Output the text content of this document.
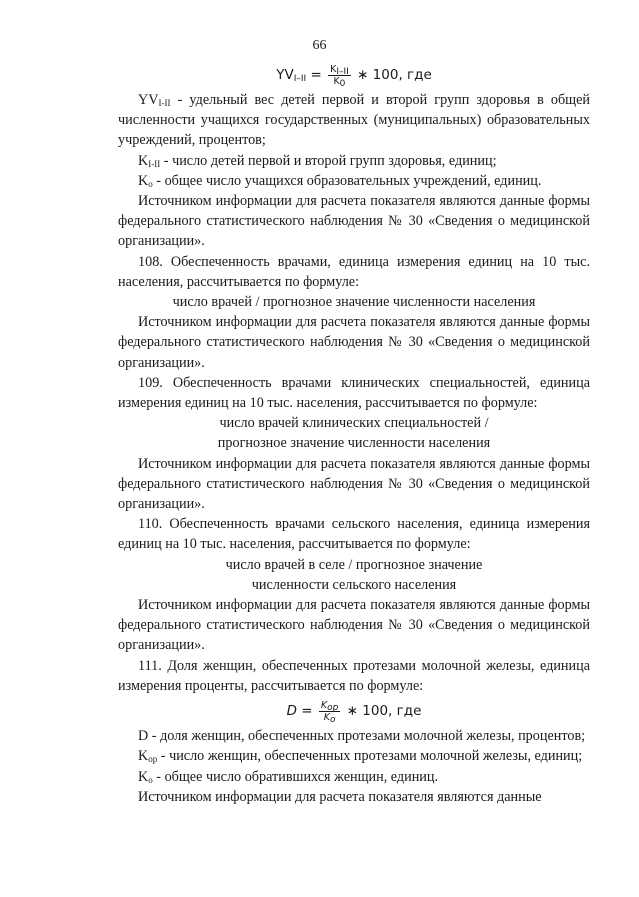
66
$YV_{I-II} = \frac{K_{I-II}}{K_0}$ ∗ 100, где

$YV_{I-II}$ - удельный вес детей первой и второй групп здоровья в общей численности учащихся государственных (муниципальных) образовательных учреждений, процентов;

$K_{I-II}$ - число детей первой и второй групп здоровья, единиц;

$K_o$ - общее число учащихся образовательных учреждений, единиц.

Источником информации для расчета показателя являются данные формы федерального статистического наблюдения № 30 «Сведения о медицинской организации».

108. Обеспеченность врачами, единица измерения единиц на 10 тыс. населения, рассчитывается по формуле:

число врачей / прогнозное значение численности населения

Источником информации для расчета показателя являются данные формы федерального статистического наблюдения № 30 «Сведения о медицинской организации».

109. Обеспеченность врачами клинических специальностей, единица измерения единиц на 10 тыс. населения, рассчитывается по формуле:

число врачей клинических специальностей /

прогнозное значение численности населения

Источником информации для расчета показателя являются данные формы федерального статистического наблюдения № 30 «Сведения о медицинской организации».

110. Обеспеченность врачами сельского населения, единица измерения единиц на 10 тыс. населения, рассчитывается по формуле:

число врачей в селе / прогнозное значение

численности сельского населения

Источником информации для расчета показателя являются данные формы федерального статистического наблюдения № 30 «Сведения о медицинской организации».

111. Доля женщин, обеспеченных протезами молочной железы, единица измерения проценты, рассчитывается по формуле:

$D = \frac{K_{op}}{K_o}$ ∗ 100, где

D - доля женщин, обеспеченных протезами молочной железы, процентов;

$K_{op}$ - число женщин, обеспеченных протезами молочной железы, единиц;

$K_o$ - общее число обратившихся женщин, единиц.

Источником информации для расчета показателя являются данные
